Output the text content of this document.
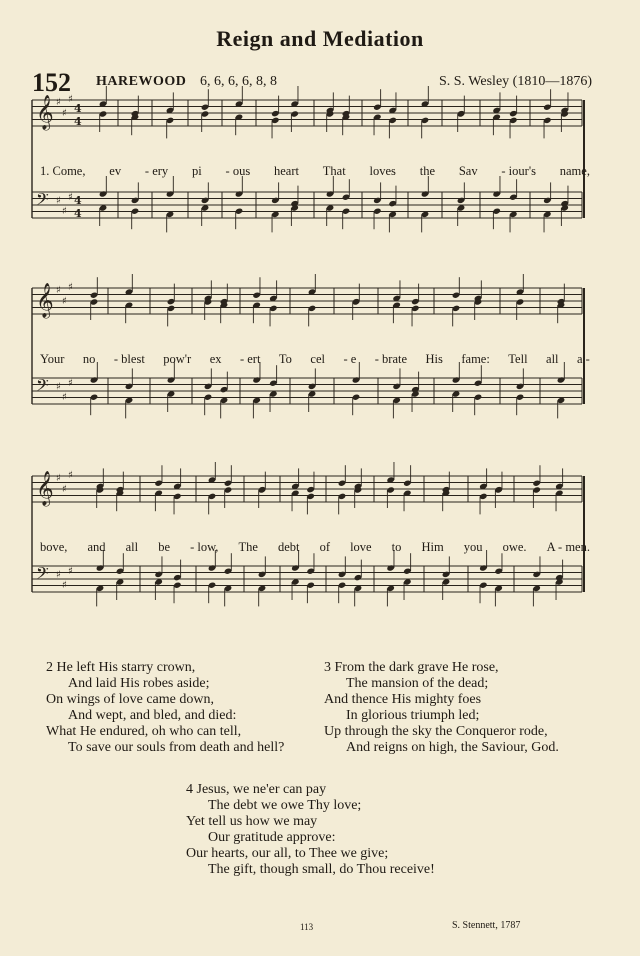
Reign and Mediation
152 HAREWOOD 6, 6, 6, 6, 8, 8	S. S. Wesley (1810—1876)
𝄞 ♯
♯
♯
4
4
𝄢 ♯
♯
♯ 4
4
𝄞 ♯
♯
♯
𝄢 ♯
♯
♯
𝄞 ♯
♯
♯
𝄢 ♯
♯
♯
1. Come, ev - ery pi - ous heart That loves the Sav - iour's name,
Your no - blest pow'r ex - ert To cel - e - brate His fame: Tell all a -
bove, and all be - low, The debt of love to Him you owe. A - men.
2 He left His starry crown,
And laid His robes aside;
On wings of love came down,
And wept, and bled, and died:
What He endured, oh who can tell,
To save our souls from death and hell?
3 From the dark grave He rose,
The mansion of the dead;
And thence His mighty foes
In glorious triumph led;
Up through the sky the Conqueror rode,
And reigns on high, the Saviour, God.
4 Jesus, we ne'er can pay
The debt we owe Thy love;
Yet tell us how we may
Our gratitude approve:
Our hearts, our all, to Thee we give;
The gift, though small, do Thou receive!
113	S. Stennett, 1787
